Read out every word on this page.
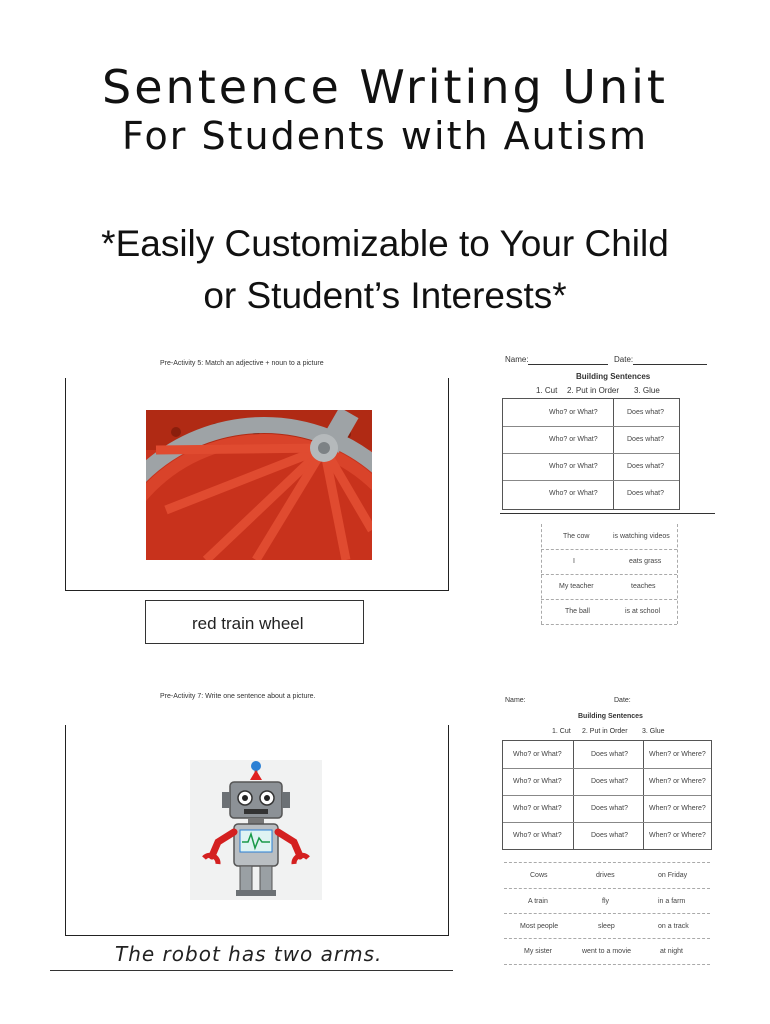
Sentence Writing Unit
For Students with Autism
*Easily Customizable to Your Child
or Student’s Interests*
Pre-Activity 5: Match an adjective + noun to a picture
red train wheel
Name:	Date:
Building Sentences
1. Cut 2. Put in Order 3. Glue
Who? or What?	Does what?
Who? or What?	Does what?
Who? or What?	Does what?
Who? or What?	Does what?
The cow	is watching videos
I	eats grass
My teacher	teaches
The ball	is at school
Pre-Activity 7: Write one sentence about a picture.
The robot has two arms.
Name:	Date:
Building Sentences
1. Cut 2. Put in Order 3. Glue
Who? or What?	Does what?	When? or Where?
Who? or What?	Does what?	When? or Where?
Who? or What?	Does what?	When? or Where?
Who? or What?	Does what?	When? or Where?
Cows	drives	on Friday
A train	fly	in a farm
Most people	sleep	on a track
My sister	went to a movie	at night
